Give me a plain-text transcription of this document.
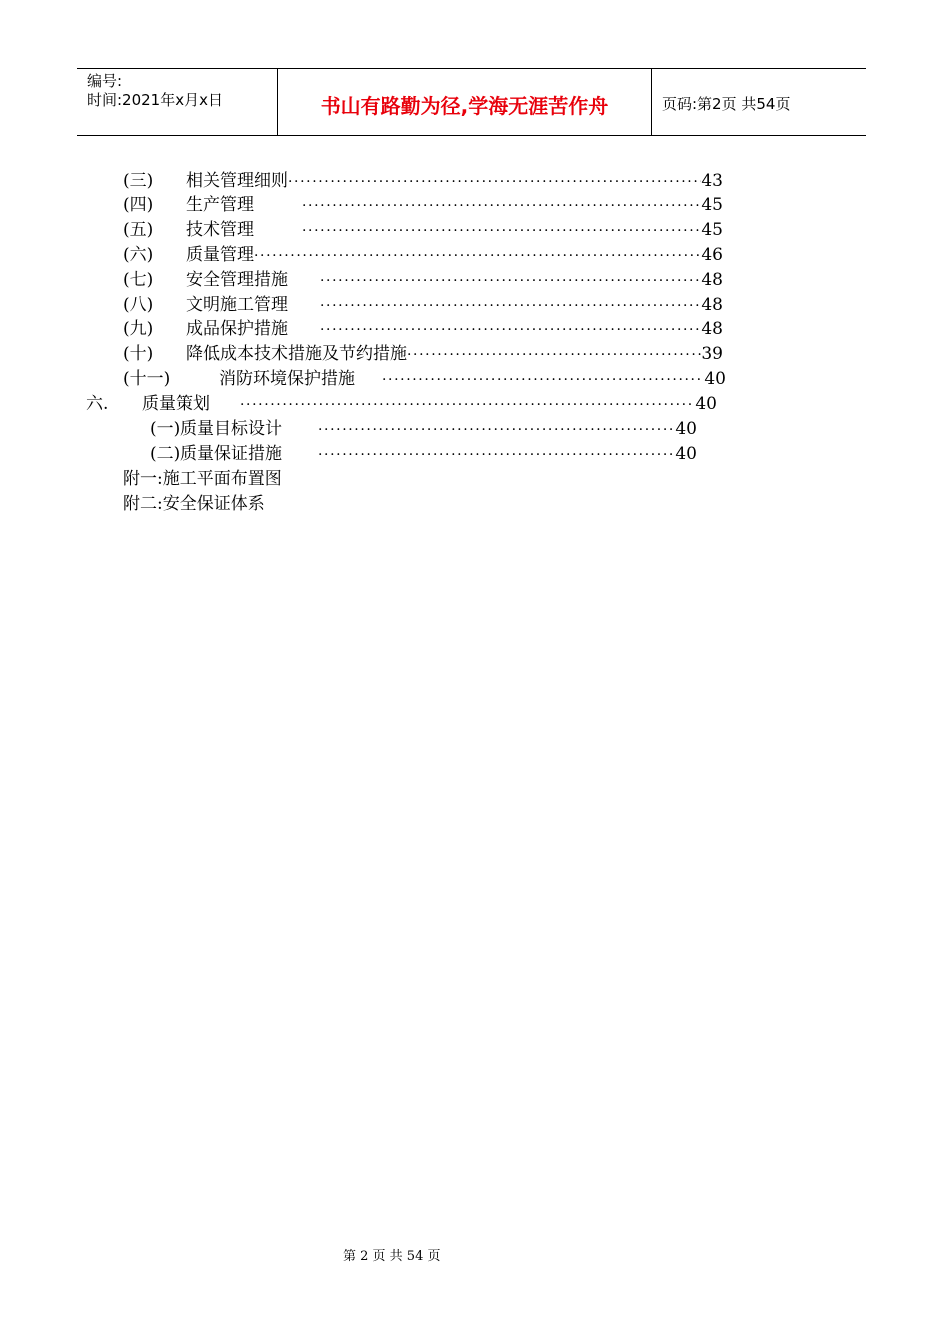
编号:
时间:2021年x月x日	书山有路勤为径,学海无涯苦作舟	页码:第2页 共54页
(三)	相关管理细则 ·····	43
(四)	生产管理 ·····	45
(五)	技术管理 ·····	45
(六)	质量管理 ·····	46
(七)	安全管理措施 ·····	48
(八)	文明施工管理 ·····	48
(九)	成品保护措施 ·····	48
(十)	降低成本技术措施及节约措施 ·····	39
(十一)	消防环境保护措施 ·····	40
六.	质量策划 ·····	40
(一) 质量目标设计 ·····	40
(二) 质量保证措施 ·····	40
附一:施工平面布置图
附二:安全保证体系
第 2 页 共 54 页
